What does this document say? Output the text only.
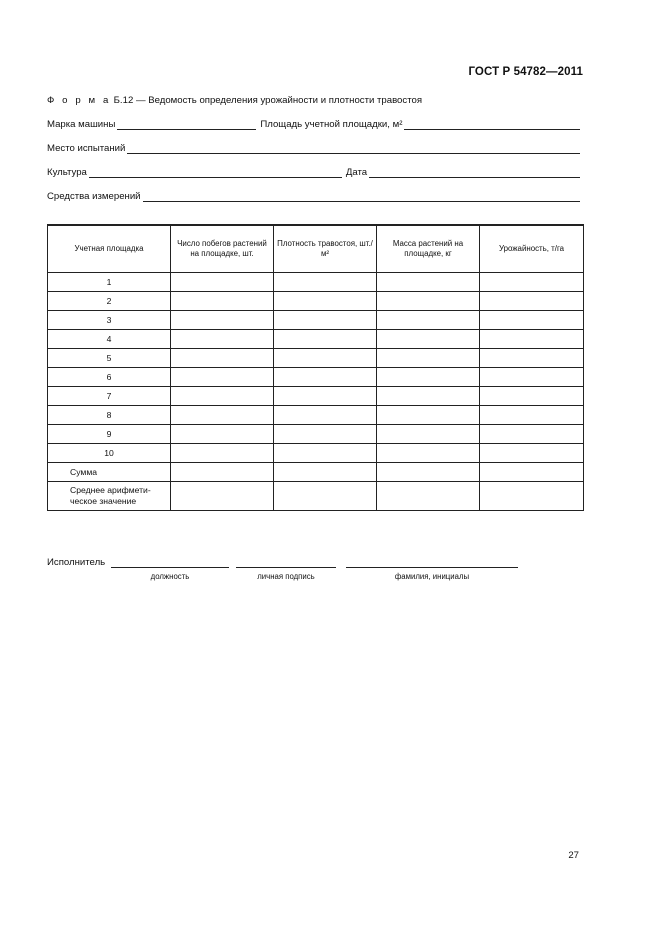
ГОСТ Р 54782—2011
Ф о р м а Б.12 — Ведомость определения урожайности и плотности травостоя
Марка машины	Площадь учетной площадки, м²
Место испытаний
Культура	Дата
Средства измерений
Учетная площадка	Число побегов растений на площадке, шт.	Плотность травостоя, шт./м²	Масса растений на площадке, кг	Урожайность, т/га
1				
2				
3				
4				
5				
6				
7				
8				
9				
10				
Сумма				
Среднее арифмети-ческое значение				
Исполнитель
должность	личная подпись	фамилия, инициалы
27
